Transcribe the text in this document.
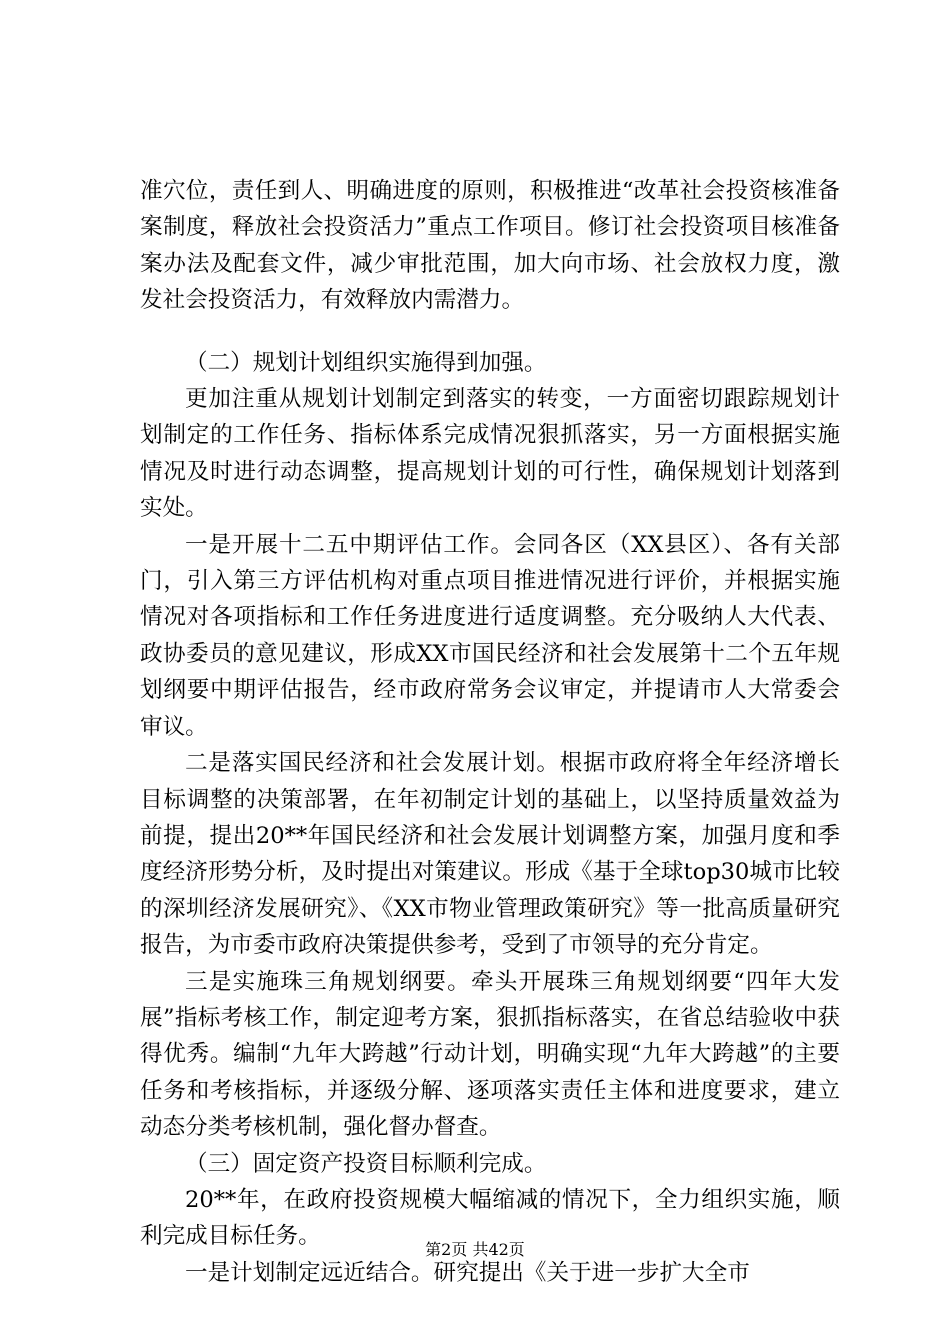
准穴位，责任到人、明确进度的原则，积极推进“改革社会投资核准备案制度，释放社会投资活力”重点工作项目。修订社会投资项目核准备案办法及配套文件，减少审批范围，加大向市场、社会放权力度，激发社会投资活力，有效释放内需潜力。

（二）规划计划组织实施得到加强。

更加注重从规划计划制定到落实的转变，一方面密切跟踪规划计划制定的工作任务、指标体系完成情况狠抓落实，另一方面根据实施情况及时进行动态调整，提高规划计划的可行性，确保规划计划落到实处。

一是开展十二五中期评估工作。会同各区（XX县区）、各有关部门，引入第三方评估机构对重点项目推进情况进行评价，并根据实施情况对各项指标和工作任务进度进行适度调整。充分吸纳人大代表、政协委员的意见建议，形成XX市国民经济和社会发展第十二个五年规划纲要中期评估报告，经市政府常务会议审定，并提请市人大常委会审议。

二是落实国民经济和社会发展计划。根据市政府将全年经济增长目标调整的决策部署，在年初制定计划的基础上，以坚持质量效益为前提，提出20**年国民经济和社会发展计划调整方案，加强月度和季度经济形势分析，及时提出对策建议。形成《基于全球top30城市比较的深圳经济发展研究》、《XX市物业管理政策研究》等一批高质量研究报告，为市委市政府决策提供参考，受到了市领导的充分肯定。

三是实施珠三角规划纲要。牵头开展珠三角规划纲要“四年大发展”指标考核工作，制定迎考方案，狠抓指标落实，在省总结验收中获得优秀。编制“九年大跨越”行动计划，明确实现“九年大跨越”的主要任务和考核指标，并逐级分解、逐项落实责任主体和进度要求，建立动态分类考核机制，强化督办督查。

（三）固定资产投资目标顺利完成。

20**年，在政府投资规模大幅缩减的情况下，全力组织实施，顺利完成目标任务。

一是计划制定远近结合。研究提出《关于进一步扩大全市

第2页 共42页
